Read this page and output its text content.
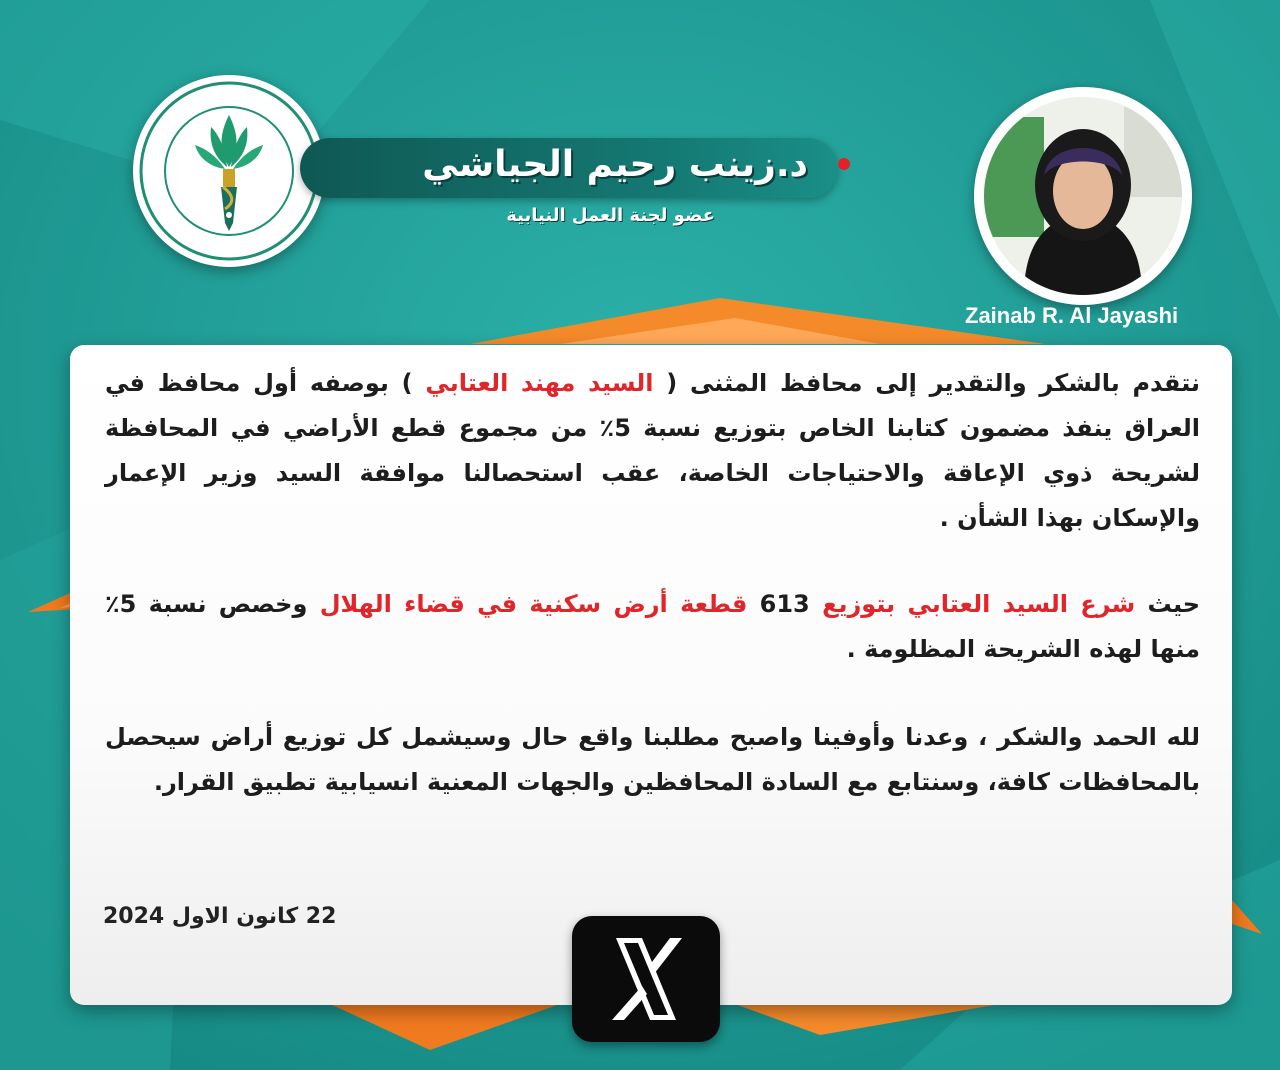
د.زينب رحيم الجياشي
عضو لجنة العمل النيابية
Zainab R. Al Jayashi

نتقدم بالشكر والتقدير إلى محافظ المثنى ( السيد مهند العتابي ) بوصفه أول محافظ في العراق ينفذ مضمون كتابنا الخاص بتوزيع نسبة 5٪ من مجموع قطع الأراضي في المحافظة لشريحة ذوي الإعاقة والاحتياجات الخاصة، عقب استحصالنا موافقة السيد وزير الإعمار والإسكان بهذا الشأن .

حيث شرع السيد العتابي بتوزيع 613 قطعة أرض سكنية في قضاء الهلال وخصص نسبة 5٪ منها لهذه الشريحة المظلومة .

لله الحمد والشكر ، وعدنا وأوفينا واصبح مطلبنا واقع حال وسيشمل كل توزيع أراض سيحصل بالمحافظات كافة، وسنتابع مع السادة المحافظين والجهات المعنية انسيابية تطبيق القرار.

22 كانون الاول 2024
